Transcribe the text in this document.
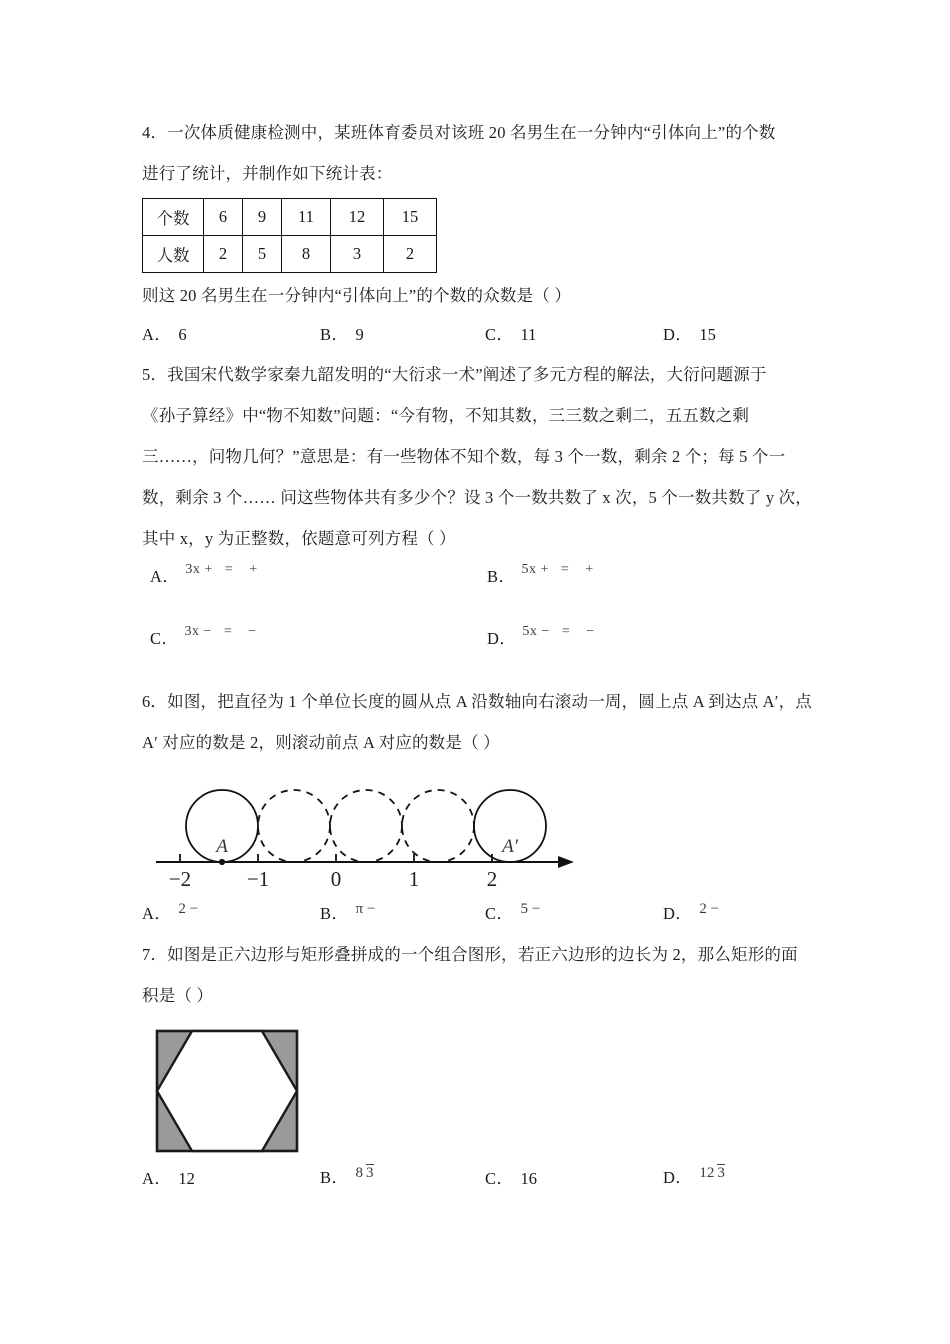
4．一次体质健康检测中，某班体育委员对该班 20 名男生在一分钟内“引体向上”的个数
进行了统计，并制作如下统计表：
个数	6	9	11	12	15
人数	2	5	8	3	2
则这 20 名男生在一分钟内“引体向上”的个数的众数是（ ）
A． 6	B． 9	C． 11	D． 15
5．我国宋代数学家秦九韶发明的“大衍求一术”阐述了多元方程的解法，大衍问题源于
《孙子算经》中“物不知数”问题：“今有物，不知其数，三三数之剩二，五五数之剩
三……，问物几何？”意思是：有一些物体不知个数，每 3 个一数，剩余 2 个；每 5 个一
数，剩余 3 个…… 问这些物体共有多少个？设 3 个一数共数了 x 次，5 个一数共数了 y 次，
其中 x，y 为正整数，依题意可列方程（ ）
A． 3x +   =    +	B． 5x +   =    +
C． 3x −   =    −	D． 5x −   =    −
6．如图，把直径为 1 个单位长度的圆从点 A 沿数轴向右滚动一周，圆上点 A 到达点 A′，点
A′ 对应的数是 2，则滚动前点 A 对应的数是（ ）
A	A′
−2	−1	0	1	2
A． 2 −	B． π −	C． 5 −	D． 2 −
7．如图是正六边形与矩形叠拼成的一个组合图形，若正六边形的边长为 2，那么矩形的面
积是（ ）
A． 12	B． 8 3	C． 16	D． 12 3
